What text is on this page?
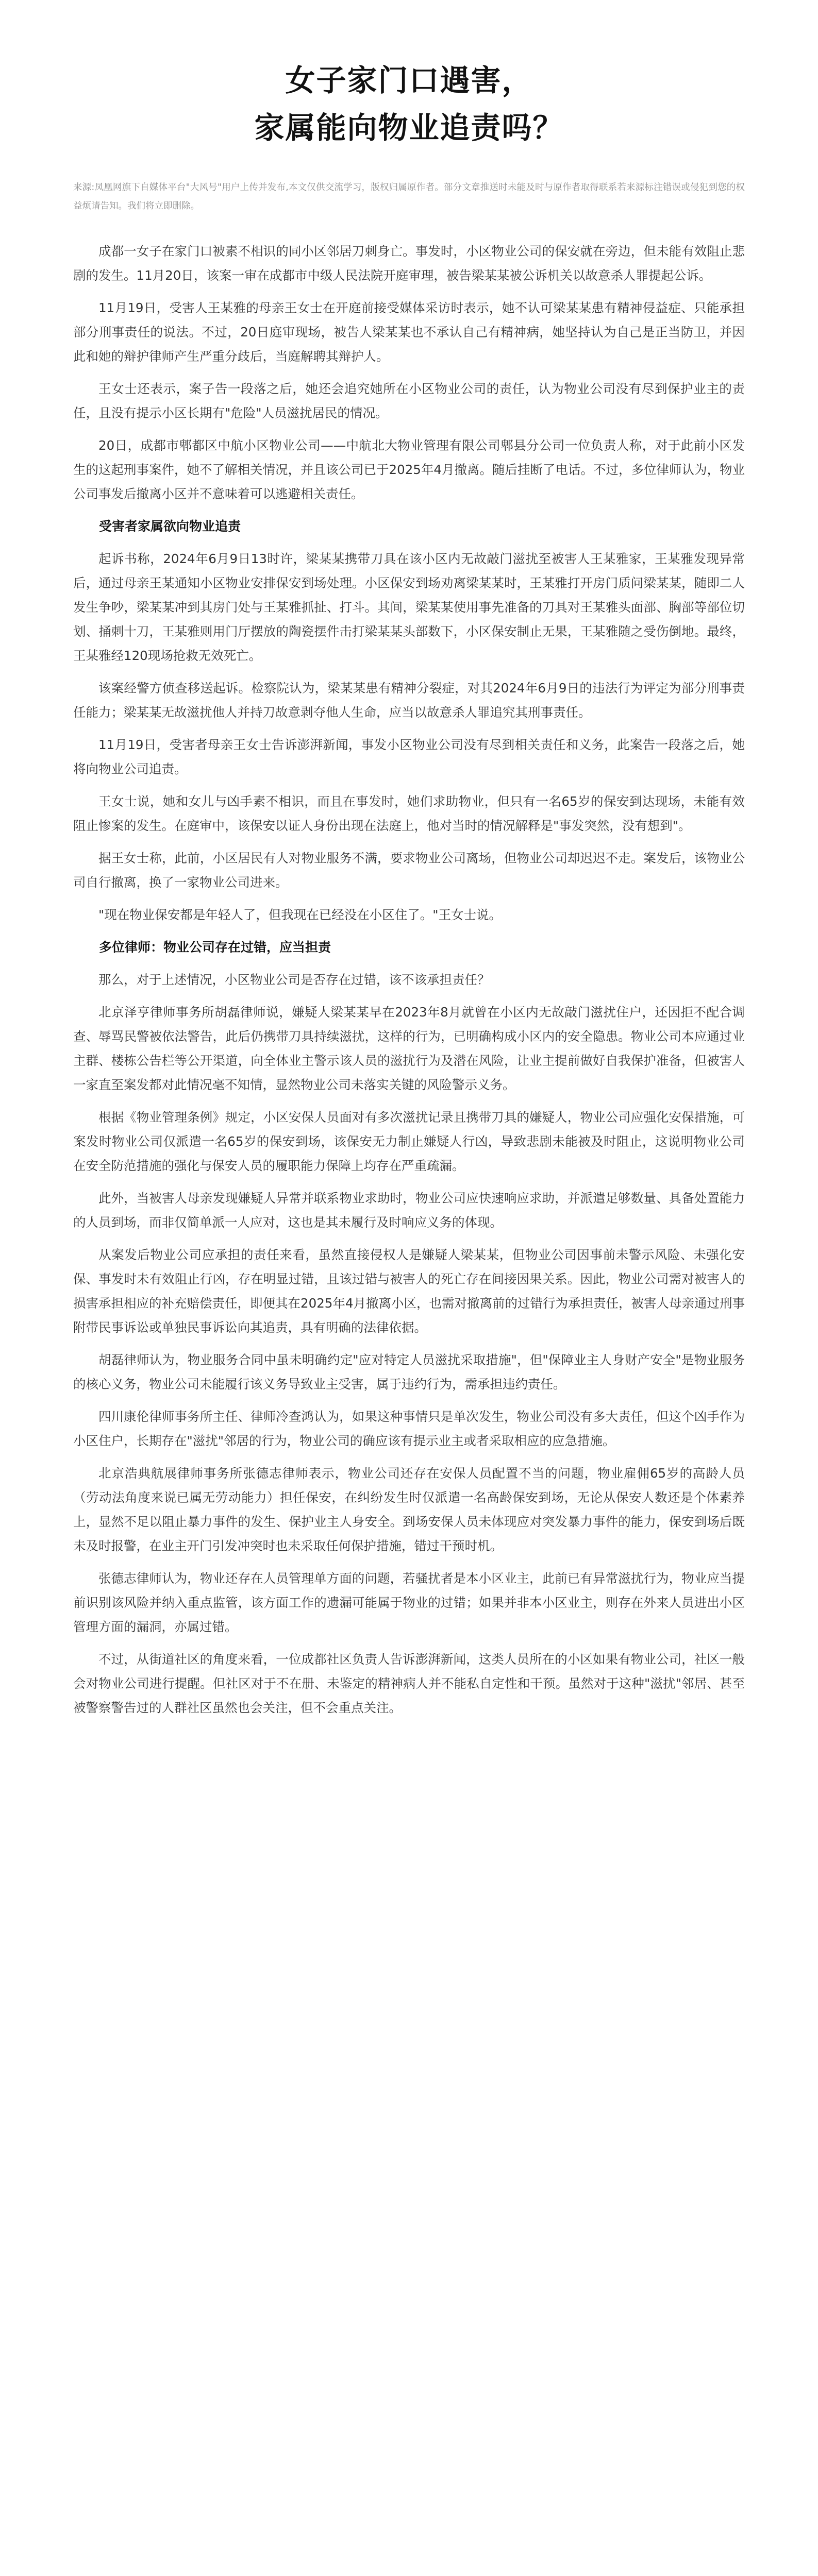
女子家门口遇害，
家属能向物业追责吗？

来源:凤凰网旗下自媒体平台"大风号"用户上传并发布,本文仅供交流学习，版权归属原作者。部分文章推送时未能及时与原作者取得联系若来源标注错误或侵犯到您的权益烦请告知。我们将立即删除。

成都一女子在家门口被素不相识的同小区邻居刀刺身亡。事发时，小区物业公司的保安就在旁边，但未能有效阻止悲剧的发生。11月20日，该案一审在成都市中级人民法院开庭审理，被告梁某某被公诉机关以故意杀人罪提起公诉。

11月19日，受害人王某雅的母亲王女士在开庭前接受媒体采访时表示，她不认可梁某某患有精神侵益症、只能承担部分刑事责任的说法。不过，20日庭审现场，被告人梁某某也不承认自己有精神病，她坚持认为自己是正当防卫，并因此和她的辩护律师产生严重分歧后，当庭解聘其辩护人。

王女士还表示，案子告一段落之后，她还会追究她所在小区物业公司的责任，认为物业公司没有尽到保护业主的责任，且没有提示小区长期有"危险"人员滋扰居民的情况。

20日，成都市郫都区中航小区物业公司——中航北大物业管理有限公司郫县分公司一位负责人称，对于此前小区发生的这起刑事案件，她不了解相关情况，并且该公司已于2025年4月撤离。随后挂断了电话。不过，多位律师认为，物业公司事发后撤离小区并不意味着可以逃避相关责任。

受害者家属欲向物业追责

起诉书称，2024年6月9日13时许，梁某某携带刀具在该小区内无故敲门滋扰至被害人王某雅家，王某雅发现异常后，通过母亲王某通知小区物业安排保安到场处理。小区保安到场劝离梁某某时，王某雅打开房门质问梁某某，随即二人发生争吵，梁某某冲到其房门处与王某雅抓扯、打斗。其间，梁某某使用事先准备的刀具对王某雅头面部、胸部等部位切划、捅刺十刀，王某雅则用门厅摆放的陶瓷摆件击打梁某某头部数下，小区保安制止无果，王某雅随之受伤倒地。最终，王某雅经120现场抢救无效死亡。

该案经警方侦查移送起诉。检察院认为，梁某某患有精神分裂症，对其2024年6月9日的违法行为评定为部分刑事责任能力；梁某某无故滋扰他人并持刀故意剥夺他人生命，应当以故意杀人罪追究其刑事责任。

11月19日，受害者母亲王女士告诉澎湃新闻，事发小区物业公司没有尽到相关责任和义务，此案告一段落之后，她将向物业公司追责。

王女士说，她和女儿与凶手素不相识，而且在事发时，她们求助物业，但只有一名65岁的保安到达现场，未能有效阻止惨案的发生。在庭审中，该保安以证人身份出现在法庭上，他对当时的情况解释是"事发突然，没有想到"。

据王女士称，此前，小区居民有人对物业服务不满，要求物业公司离场，但物业公司却迟迟不走。案发后，该物业公司自行撤离，换了一家物业公司进来。

"现在物业保安都是年轻人了，但我现在已经没在小区住了。"王女士说。

多位律师：物业公司存在过错，应当担责

那么，对于上述情况，小区物业公司是否存在过错，该不该承担责任？

北京泽亨律师事务所胡磊律师说，嫌疑人梁某某早在2023年8月就曾在小区内无故敲门滋扰住户，还因拒不配合调查、辱骂民警被依法警告，此后仍携带刀具持续滋扰，这样的行为，已明确构成小区内的安全隐患。物业公司本应通过业主群、楼栋公告栏等公开渠道，向全体业主警示该人员的滋扰行为及潜在风险，让业主提前做好自我保护准备，但被害人一家直至案发都对此情况毫不知情，显然物业公司未落实关键的风险警示义务。

根据《物业管理条例》规定，小区安保人员面对有多次滋扰记录且携带刀具的嫌疑人，物业公司应强化安保措施，可案发时物业公司仅派遣一名65岁的保安到场，该保安无力制止嫌疑人行凶，导致悲剧未能被及时阻止，这说明物业公司在安全防范措施的强化与保安人员的履职能力保障上均存在严重疏漏。

此外，当被害人母亲发现嫌疑人异常并联系物业求助时，物业公司应快速响应求助，并派遣足够数量、具备处置能力的人员到场，而非仅简单派一人应对，这也是其未履行及时响应义务的体现。

从案发后物业公司应承担的责任来看，虽然直接侵权人是嫌疑人梁某某，但物业公司因事前未警示风险、未强化安保、事发时未有效阻止行凶，存在明显过错，且该过错与被害人的死亡存在间接因果关系。因此，物业公司需对被害人的损害承担相应的补充赔偿责任，即便其在2025年4月撤离小区，也需对撤离前的过错行为承担责任，被害人母亲通过刑事附带民事诉讼或单独民事诉讼向其追责，具有明确的法律依据。

胡磊律师认为，物业服务合同中虽未明确约定"应对特定人员滋扰采取措施"，但"保障业主人身财产安全"是物业服务的核心义务，物业公司未能履行该义务导致业主受害，属于违约行为，需承担违约责任。

四川康伦律师事务所主任、律师冷查鸿认为，如果这种事情只是单次发生，物业公司没有多大责任，但这个凶手作为小区住户，长期存在"滋扰"邻居的行为，物业公司的确应该有提示业主或者采取相应的应急措施。

北京浩典航展律师事务所张德志律师表示，物业公司还存在安保人员配置不当的问题，物业雇佣65岁的高龄人员（劳动法角度来说已属无劳动能力）担任保安，在纠纷发生时仅派遣一名高龄保安到场，无论从保安人数还是个体素养上，显然不足以阻止暴力事件的发生、保护业主人身安全。到场安保人员未体现应对突发暴力事件的能力，保安到场后既未及时报警，在业主开门引发冲突时也未采取任何保护措施，错过干预时机。

张德志律师认为，物业还存在人员管理单方面的问题，若骚扰者是本小区业主，此前已有异常滋扰行为，物业应当提前识别该风险并纳入重点监管，该方面工作的遗漏可能属于物业的过错；如果并非本小区业主，则存在外来人员进出小区管理方面的漏洞，亦属过错。

不过，从街道社区的角度来看，一位成都社区负责人告诉澎湃新闻，这类人员所在的小区如果有物业公司，社区一般会对物业公司进行提醒。但社区对于不在册、未鉴定的精神病人并不能私自定性和干预。虽然对于这种"滋扰"邻居、甚至被警察警告过的人群社区虽然也会关注，但不会重点关注。
